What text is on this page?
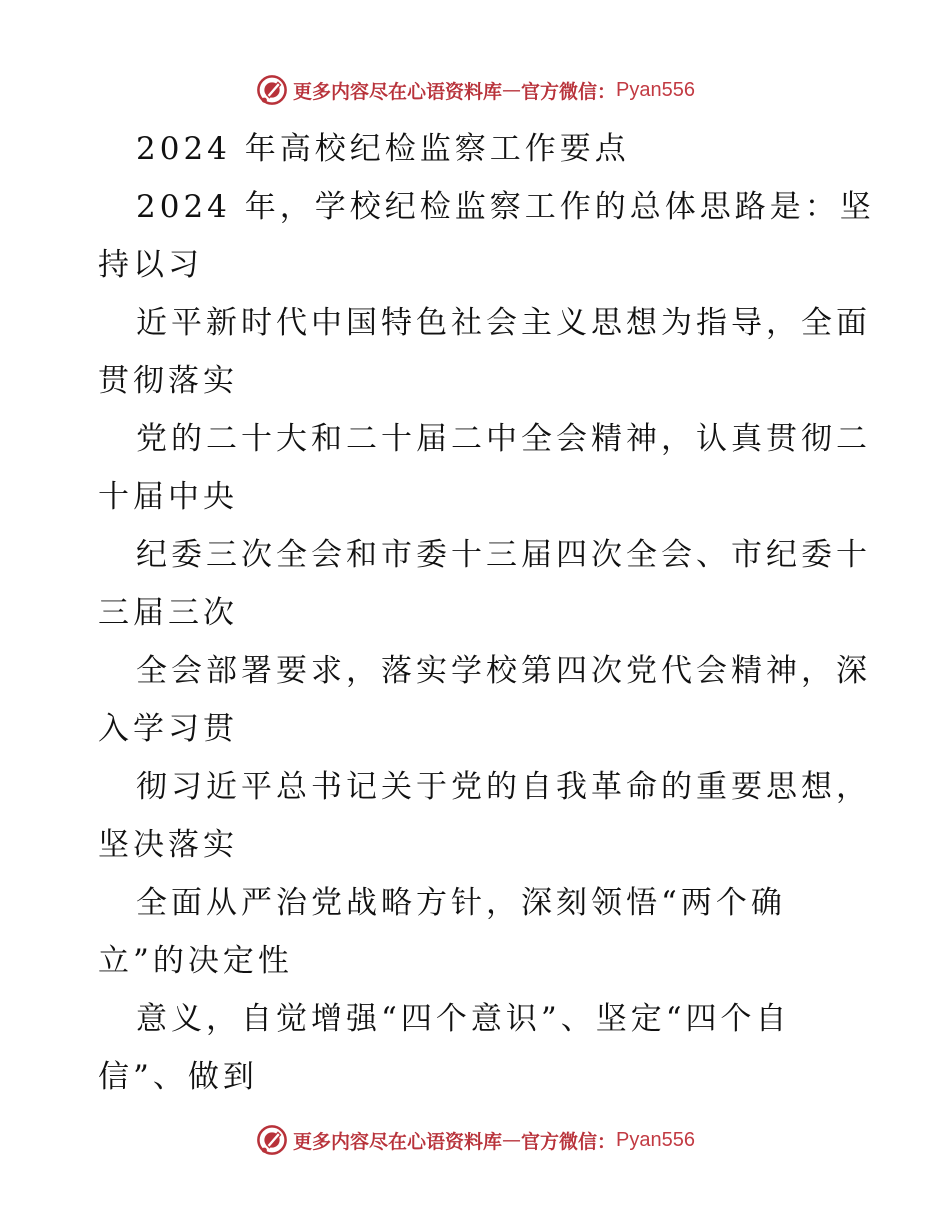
更多内容尽在心语资料库 — 官方微信： Pyan556
2024 年高校纪检监察工作要点
2024 年，学校纪检监察工作的总体思路是：坚
持以习
近平新时代中国特色社会主义思想为指导，全面
贯彻落实
党的二十大和二十届二中全会精神，认真贯彻二
十届中央
纪委三次全会和市委十三届四次全会、市纪委十
三届三次
全会部署要求，落实学校第四次党代会精神，深
入学习贯
彻习近平总书记关于党的自我革命的重要思想，
坚决落实
全面从严治党战略方针，深刻领悟“两个确
立”的决定性
意义，自觉增强“四个意识”、坚定“四个自
信”、做到
更多内容尽在心语资料库 — 官方微信： Pyan556
